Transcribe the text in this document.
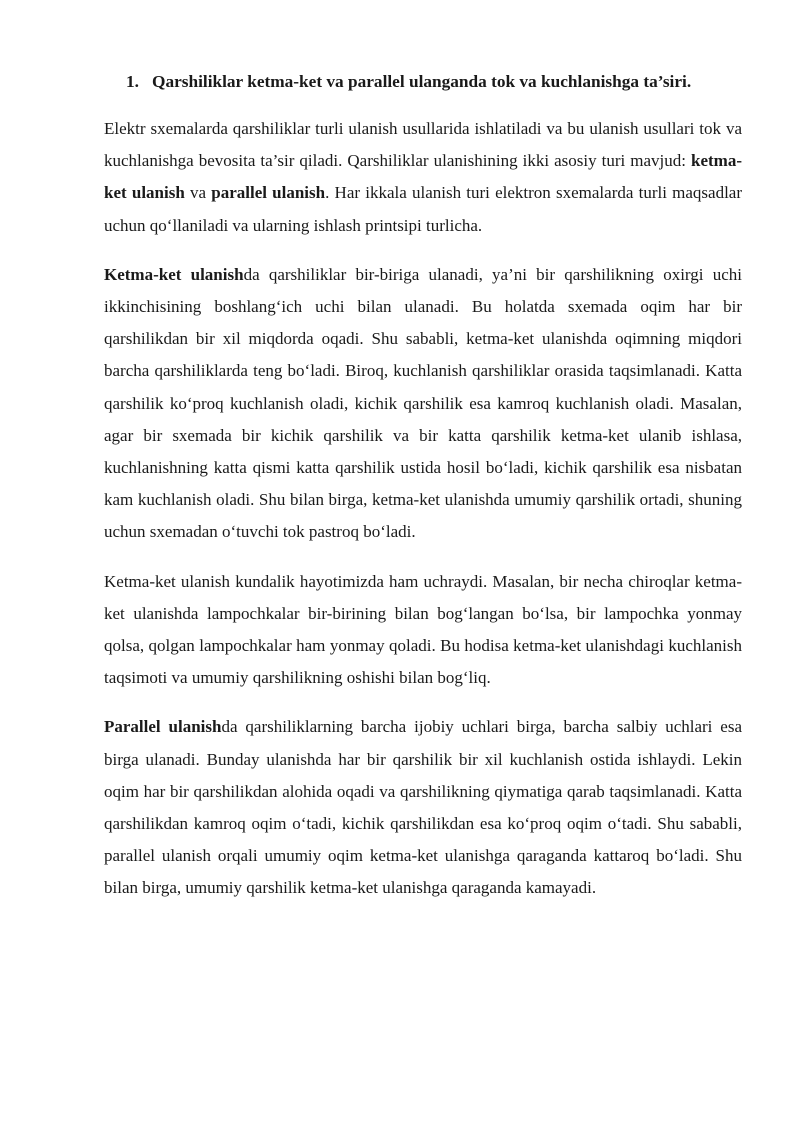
1. Qarshiliklar ketma-ket va parallel ulanganda tok va kuchlanishga ta’siri.

Elektr sxemalarda qarshiliklar turli ulanish usullarida ishlatiladi va bu ulanish usullari tok va kuchlanishga bevosita ta’sir qiladi. Qarshiliklar ulanishining ikki asosiy turi mavjud: ketma-ket ulanish va parallel ulanish. Har ikkala ulanish turi elektron sxemalarda turli maqsadlar uchun qo‘llaniladi va ularning ishlash printsipi turlicha.

Ketma-ket ulanishda qarshiliklar bir-biriga ulanadi, ya’ni bir qarshilikning oxirgi uchi ikkinchisining boshlang‘ich uchi bilan ulanadi. Bu holatda sxemada oqim har bir qarshilikdan bir xil miqdorda oqadi. Shu sababli, ketma-ket ulanishda oqimning miqdori barcha qarshiliklarda teng bo‘ladi. Biroq, kuchlanish qarshiliklar orasida taqsimlanadi. Katta qarshilik ko‘proq kuchlanish oladi, kichik qarshilik esa kamroq kuchlanish oladi. Masalan, agar bir sxemada bir kichik qarshilik va bir katta qarshilik ketma-ket ulanib ishlasa, kuchlanishning katta qismi katta qarshilik ustida hosil bo‘ladi, kichik qarshilik esa nisbatan kam kuchlanish oladi. Shu bilan birga, ketma-ket ulanishda umumiy qarshilik ortadi, shuning uchun sxemadan o‘tuvchi tok pastroq bo‘ladi.

Ketma-ket ulanish kundalik hayotimizda ham uchraydi. Masalan, bir necha chiroqlar ketma-ket ulanishda lampochkalar bir-birining bilan bog‘langan bo‘lsa, bir lampochka yonmay qolsa, qolgan lampochkalar ham yonmay qoladi. Bu hodisa ketma-ket ulanishdagi kuchlanish taqsimoti va umumiy qarshilikning oshishi bilan bog‘liq.

Parallel ulanishda qarshiliklarning barcha ijobiy uchlari birga, barcha salbiy uchlari esa birga ulanadi. Bunday ulanishda har bir qarshilik bir xil kuchlanish ostida ishlaydi. Lekin oqim har bir qarshilikdan alohida oqadi va qarshilikning qiymatiga qarab taqsimlanadi. Katta qarshilikdan kamroq oqim o‘tadi, kichik qarshilikdan esa ko‘proq oqim o‘tadi. Shu sababli, parallel ulanish orqali umumiy oqim ketma-ket ulanishga qaraganda kattaroq bo‘ladi. Shu bilan birga, umumiy qarshilik ketma-ket ulanishga qaraganda kamayadi.
